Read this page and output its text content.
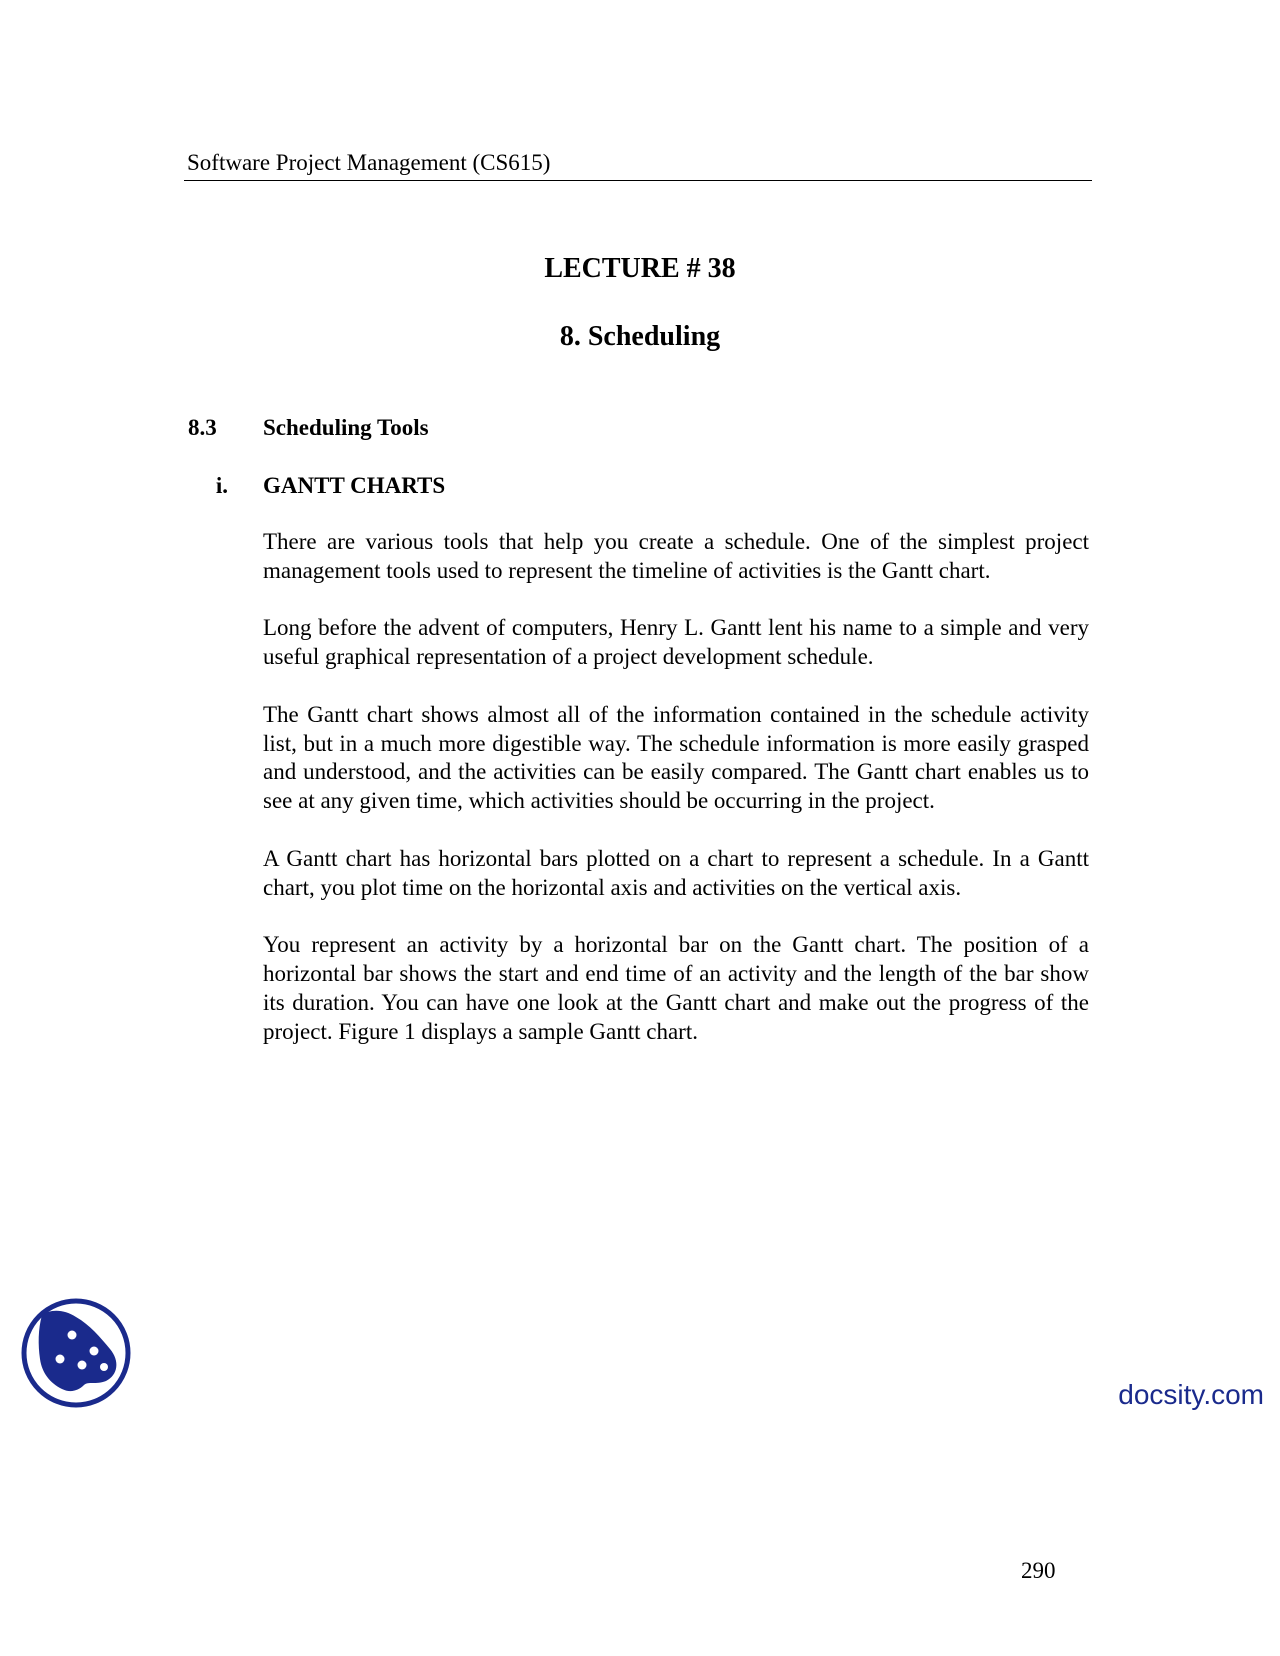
Software Project Management (CS615)
LECTURE # 38
8. Scheduling
8.3 Scheduling Tools
i. GANTT CHARTS

There are various tools that help you create a schedule. One of the simplest project management tools used to represent the timeline of activities is the Gantt chart.

Long before the advent of computers, Henry L. Gantt lent his name to a simple and very useful graphical representation of a project development schedule.

The Gantt chart shows almost all of the information contained in the schedule activity list, but in a much more digestible way. The schedule information is more easily grasped and understood, and the activities can be easily compared. The Gantt chart enables us to see at any given time, which activities should be occurring in the project.

A Gantt chart has horizontal bars plotted on a chart to represent a schedule. In a Gantt chart, you plot time on the horizontal axis and activities on the vertical axis.

You represent an activity by a horizontal bar on the Gantt chart. The position of a horizontal bar shows the start and end time of an activity and the length of the bar show its duration. You can have one look at the Gantt chart and make out the progress of the project. Figure 1 displays a sample Gantt chart.

docsity.com
290
